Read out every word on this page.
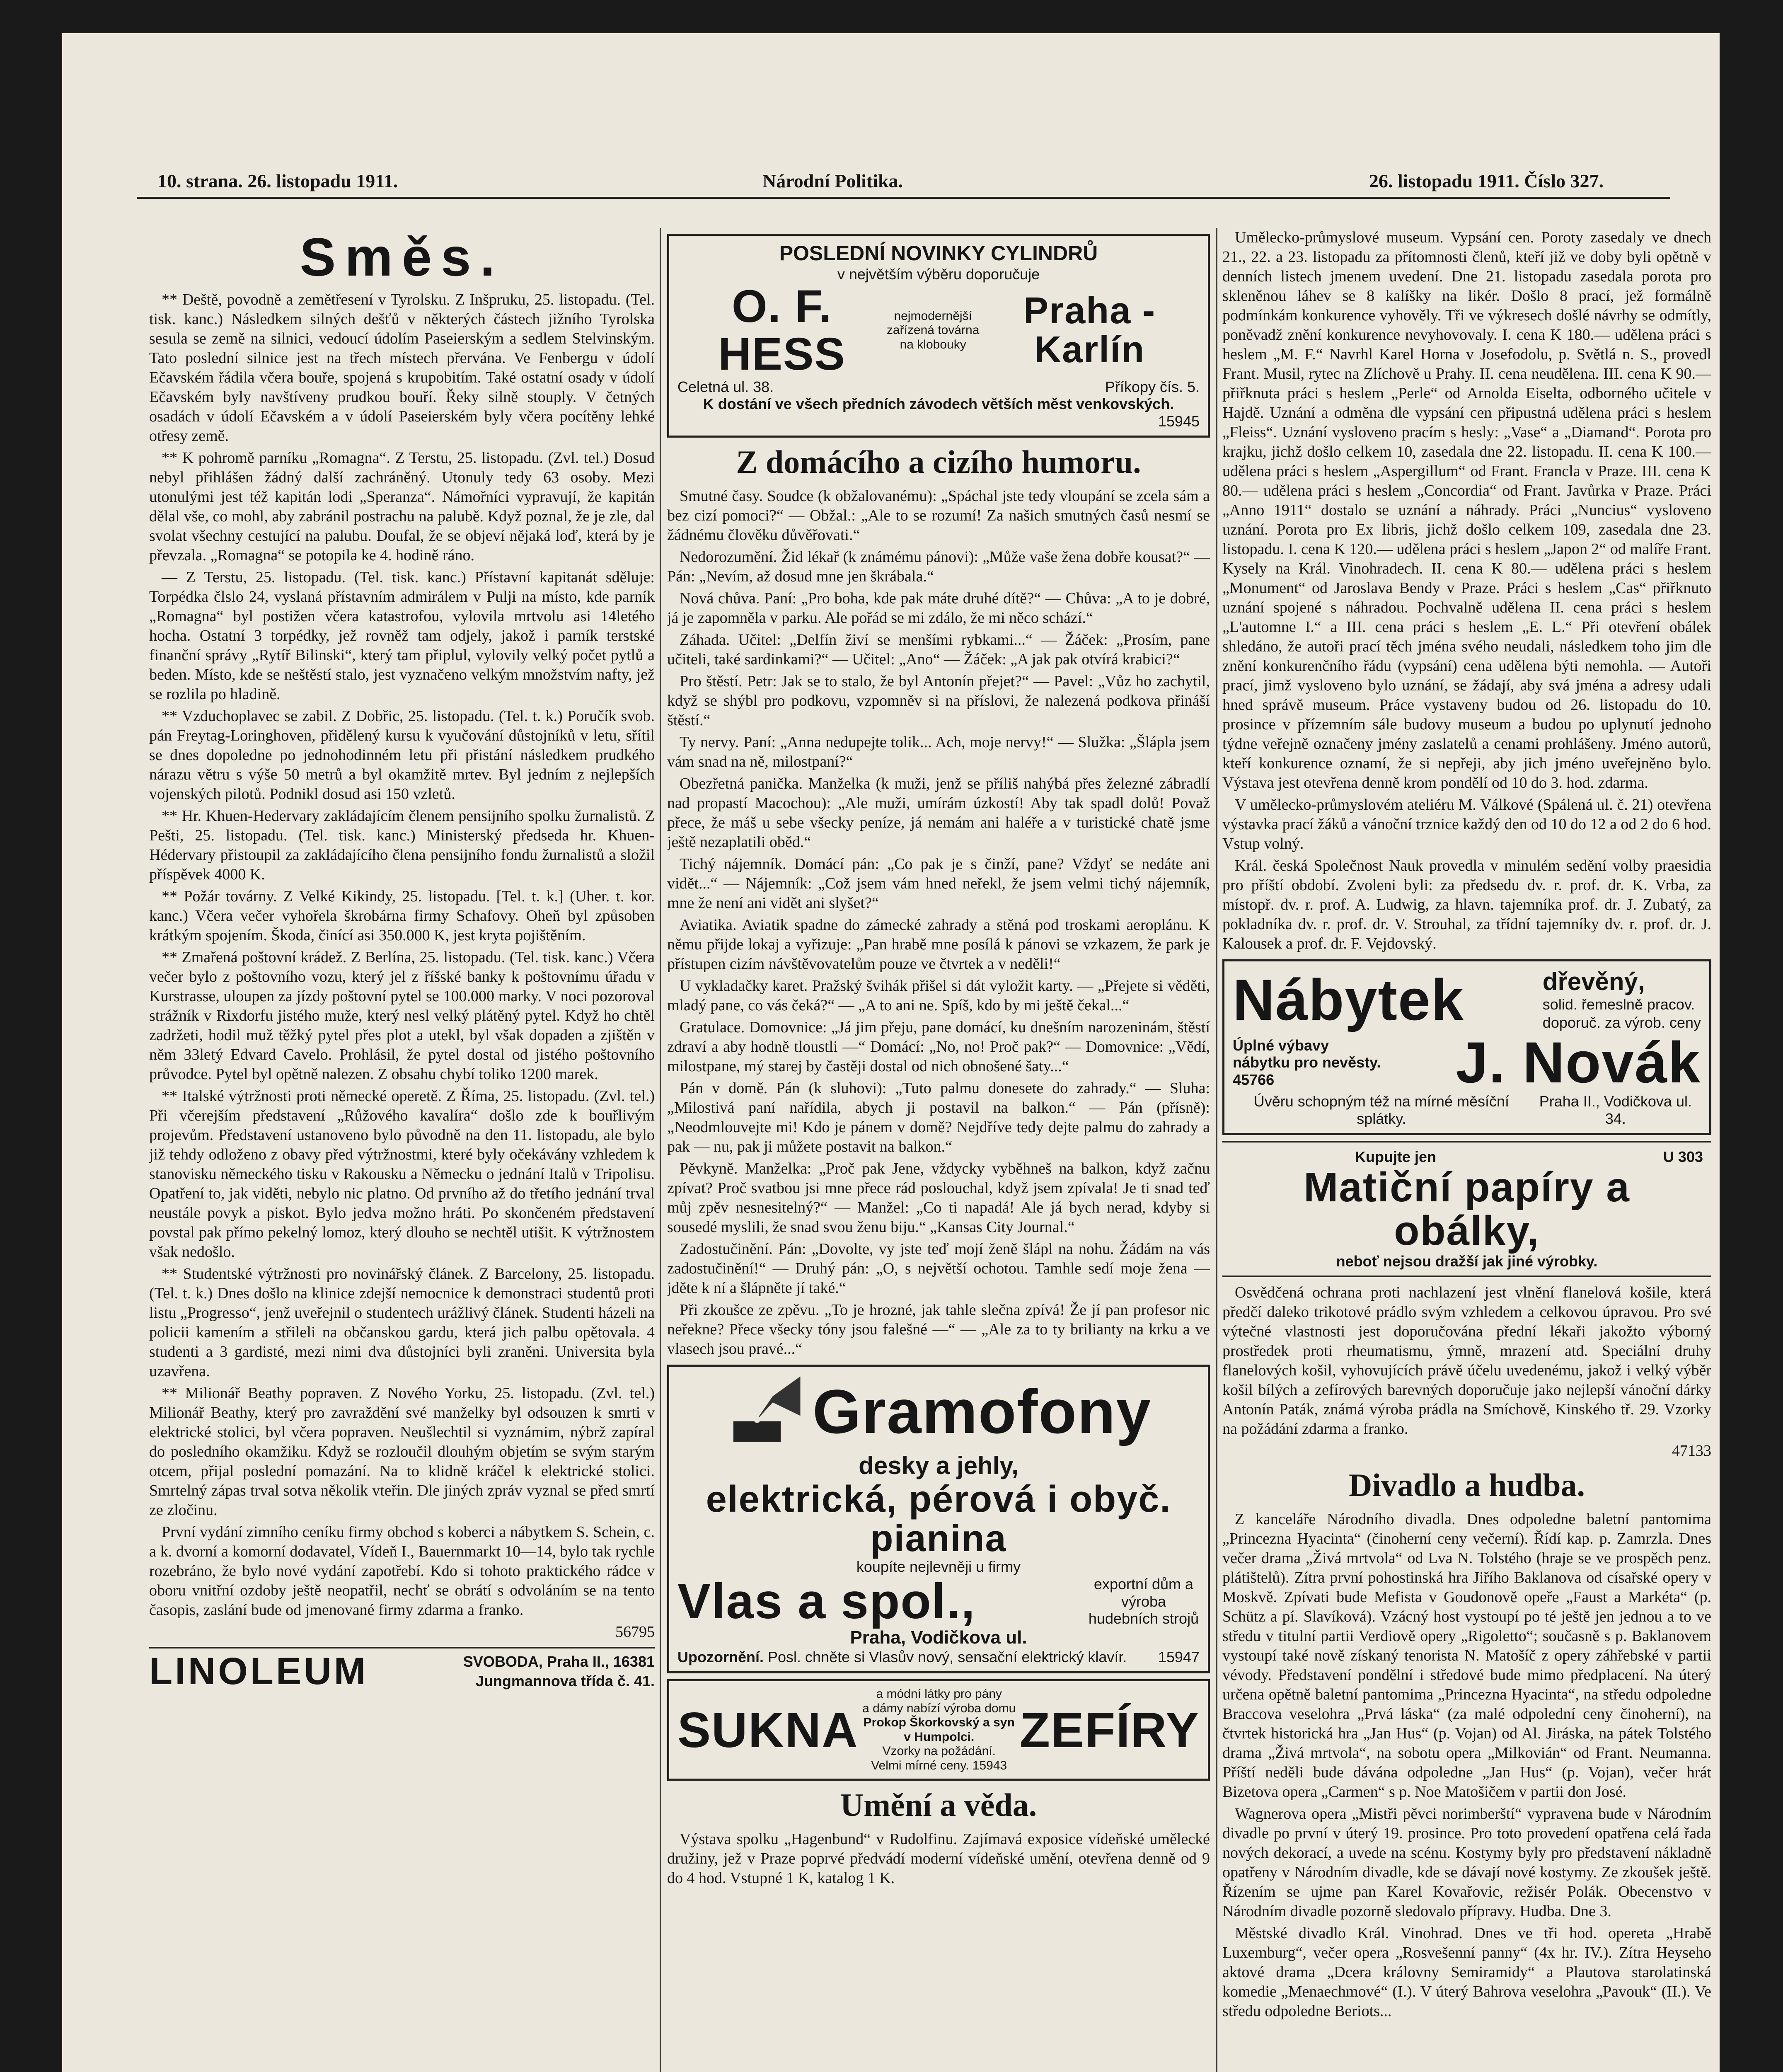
10. strana. 26. listopadu 1911.	Národní Politika.	26. listopadu 1911. Číslo 327.
Směs.

** Deště, povodně a zemětřesení v Tyrolsku. Z Inšpruku, 25. listopadu. (Tel. tisk. kanc.) Následkem silných dešťů v některých částech jižního Tyrolska sesula se země na silnici, vedoucí údolím Paseierským a sedlem Stelvinským. Tato poslední silnice jest na třech místech přervána. Ve Fenbergu v údolí Ečavském řádila včera bouře, spojená s krupobitím. Také ostatní osady v údolí Ečavském byly navštíveny prudkou bouří. Řeky silně stouply. V četných osadách v údolí Ečavském a v údolí Paseierském byly včera pocítěny lehké otřesy země.

** K pohromě parníku „Romagna“. Z Terstu, 25. listopadu. (Zvl. tel.) Dosud nebyl přihlášen žádný další zachráněný. Utonuly tedy 63 osoby. Mezi utonulými jest též kapitán lodi „Speranza“. Námořníci vypravují, že kapitán dělal vše, co mohl, aby zabránil postrachu na palubě. Když poznal, že je zle, dal svolat všechny cestující na palubu. Doufal, že se objeví nějaká loď, která by je převzala. „Romagna“ se potopila ke 4. hodině ráno.

— Z Terstu, 25. listopadu. (Tel. tisk. kanc.) Přístavní kapitanát sděluje: Torpédka člslo 24, vyslaná přístavním admirálem v Pulji na místo, kde parník „Romagna“ byl postižen včera katastrofou, vylovila mrtvolu asi 14letého hocha. Ostatní 3 torpédky, jež rovněž tam odjely, jakož i parník terstské finanční správy „Rytíř Bilinski“, který tam připlul, vylovily velký počet pytlů a beden. Místo, kde se neštěstí stalo, jest vyznačeno velkým množstvím nafty, jež se rozlila po hladině.

** Vzduchoplavec se zabil. Z Dobřic, 25. listopadu. (Tel. t. k.) Poručík svob. pán Freytag-Loringhoven, přidělený kursu k vyučování důstojníků v letu, sřítil se dnes dopoledne po jednohodinném letu při přistání následkem prudkého nárazu větru s výše 50 metrů a byl okamžitě mrtev. Byl jedním z nejlepších vojenských pilotů. Podnikl dosud asi 150 vzletů.

** Hr. Khuen-Hedervary zakládajícím členem pensijního spolku žurnalistů. Z Pešti, 25. listopadu. (Tel. tisk. kanc.) Ministerský předseda hr. Khuen-Hédervary přistoupil za zakládajícího člena pensijního fondu žurnalistů a složil příspěvek 4000 K.

** Požár továrny. Z Velké Kikindy, 25. listopadu. [Tel. t. k.] (Uher. t. kor. kanc.) Včera večer vyhořela škrobárna firmy Schafovy. Oheň byl způsoben krátkým spojením. Škoda, činící asi 350.000 K, jest kryta pojištěním.

** Zmařená poštovní krádež. Z Berlína, 25. listopadu. (Tel. tisk. kanc.) Včera večer bylo z poštovního vozu, který jel z říšské banky k poštovnímu úřadu v Kurstrasse, uloupen za jízdy poštovní pytel se 100.000 marky. V noci pozoroval strážník v Rixdorfu jistého muže, který nesl velký plátěný pytel. Když ho chtěl zadržeti, hodil muž těžký pytel přes plot a utekl, byl však dopaden a zjištěn v něm 33letý Edvard Cavelo. Prohlásil, že pytel dostal od jistého poštovního průvodce. Pytel byl opětně nalezen. Z obsahu chybí toliko 1200 marek.

** Italské výtržnosti proti německé operetě. Z Říma, 25. listopadu. (Zvl. tel.) Při včerejším představení „Růžového kavalíra“ došlo zde k bouřlivým projevům. Představení ustanoveno bylo původně na den 11. listopadu, ale bylo již tehdy odloženo z obavy před výtržnostmi, které byly očekávány vzhledem k stanovisku německého tisku v Rakousku a Německu o jednání Italů v Tripolisu. Opatření to, jak viděti, nebylo nic platno. Od prvního až do třetího jednání trval neustále povyk a piskot. Bylo jedva možno hráti. Po skončeném představení povstal pak přímo pekelný lomoz, který dlouho se nechtěl utišit. K výtržnostem však nedošlo.

** Studentské výtržnosti pro novinářský článek. Z Barcelony, 25. listopadu. (Tel. t. k.) Dnes došlo na klinice zdejší nemocnice k demonstraci studentů proti listu „Progresso“, jenž uveřejnil o studentech urážlivý článek. Studenti házeli na policii kamením a střileli na občanskou gardu, která jich palbu opětovala. 4 studenti a 3 gardisté, mezi nimi dva důstojníci byli zraněni. Universita byla uzavřena.

** Milionář Beathy popraven. Z Nového Yorku, 25. listopadu. (Zvl. tel.) Milionář Beathy, který pro zavraždění své manželky byl odsouzen k smrti v elektrické stolici, byl včera popraven. Neušlechtil si vyznámim, nýbrž zapíral do posledního okamžiku. Když se rozloučil dlouhým objetím se svým starým otcem, přijal poslední pomazání. Na to klidně kráčel k elektrické stolici. Smrtelný zápas trval sotva několik vteřin. Dle jiných zpráv vyznal se před smrtí ze zločinu.

První vydání zimního ceníku firmy obchod s koberci a nábytkem S. Schein, c. a k. dvorní a komorní dodavatel, Vídeň I., Bauernmarkt 10—14, bylo tak rychle rozebráno, že bylo nové vydání zapotřebí. Kdo si tohoto praktického rádce v oboru vnitřní ozdoby ještě neopatřil, nechť se obrátí s odvoláním se na tento časopis, zaslání bude od jmenované firmy zdarma a franko.

56795

LINOLEUM	SVOBODA, Praha II., 16381
Jungmannova třída č. 41.
POSLEDNÍ NOVINKY CYLINDRŮ
v největším výběru doporučuje
O. F. HESS
nejmodernější zařízená továrna na klobouky
Praha - Karlín
Celetná ul. 38.	Příkopy čís. 5.
K dostání ve všech předních závodech větších měst venkovských.
15945
Z domácího a cizího humoru.

Smutné časy. Soudce (k obžalovanému): „Spáchal jste tedy vloupání se zcela sám a bez cizí pomoci?“ — Obžal.: „Ale to se rozumí! Za našich smutných časů nesmí se žádnému člověku důvěřovati.“

Nedorozumění. Žid lékař (k známému pánovi): „Může vaše žena dobře kousat?“ — Pán: „Nevím, až dosud mne jen škrábala.“

Nová chůva. Paní: „Pro boha, kde pak máte druhé dítě?“ — Chůva: „A to je dobré, já je zapomněla v parku. Ale pořád se mi zdálo, že mi něco schází.“

Záhada. Učitel: „Delfín živí se menšími rybkami...“ — Žáček: „Prosím, pane učiteli, také sardinkami?“ — Učitel: „Ano“ — Žáček: „A jak pak otvírá krabici?“

Pro štěstí. Petr: Jak se to stalo, že byl Antonín přejet?“ — Pavel: „Vůz ho zachytil, když se shýbl pro podkovu, vzpomněv si na příslovi, že nalezená podkova přináší štěstí.“

Ty nervy. Paní: „Anna nedupejte tolik... Ach, moje nervy!“ — Služka: „Šlápla jsem vám snad na ně, milostpaní?“

Obezřetná panička. Manželka (k muži, jenž se příliš nahýbá přes železné zábradlí nad propastí Macochou): „Ale muži, umírám úzkostí! Aby tak spadl dolů! Považ přece, že máš u sebe všecky peníze, já nemám ani haléře a v turistické chatě jsme ještě nezaplatili oběd.“

Tichý nájemník. Domácí pán: „Co pak je s činží, pane? Vždyť se nedáte ani vidět...“ — Nájemník: „Což jsem vám hned neřekl, že jsem velmi tichý nájemník, mne že není ani vidět ani slyšet?“

Aviatika. Aviatik spadne do zámecké zahrady a stěná pod troskami aeroplánu. K němu přijde lokaj a vyřizuje: „Pan hrabě mne posílá k pánovi se vzkazem, že park je přístupen cizím návštěvovatelům pouze ve čtvrtek a v neděli!“

U vykladačky karet. Pražský švihák přišel si dát vyložit karty. — „Přejete si věděti, mladý pane, co vás čeká?“ — „A to ani ne. Spíš, kdo by mi ještě čekal...“

Gratulace. Domovnice: „Já jim přeju, pane domácí, ku dnešním narozeninám, štěstí zdraví a aby hodně tloustli —“ Domácí: „No, no! Proč pak?“ — Domovnice: „Vědí, milostpane, mý starej by častěji dostal od nich obnošené šaty...“

Pán v domě. Pán (k sluhovi): „Tuto palmu donesete do zahrady.“ — Sluha: „Milostivá paní nařídila, abych ji postavil na balkon.“ — Pán (přísně): „Neodmlouvejte mi! Kdo je pánem v domě? Nejdříve tedy dejte palmu do zahrady a pak — nu, pak ji můžete postavit na balkon.“

Pěvkyně. Manželka: „Proč pak Jene, vždycky vyběhneš na balkon, když začnu zpívat? Proč svatbou jsi mne přece rád poslouchal, když jsem zpívala! Je ti snad teď můj zpěv nesnesitelný?“ — Manžel: „Co ti napadá! Ale já bych nerad, kdyby si sousedé myslili, že snad svou ženu biju.“ „Kansas City Journal.“

Zadostučinění. Pán: „Dovolte, vy jste teď mojí ženě šlápl na nohu. Žádám na vás zadostučinění!“ — Druhý pán: „O, s největší ochotou. Tamhle sedí moje žena — jděte k ní a šlápněte jí také.“

Při zkoušce ze zpěvu. „To je hrozné, jak tahle slečna zpívá! Že jí pan profesor nic neřekne? Přece všecky tóny jsou falešné —“ — „Ale za to ty brilianty na krku a ve vlasech jsou pravé...“

Gramofony
desky a jehly,
elektrická, pérová i obyč. pianina
koupíte nejlevněji u firmy
Vlas a spol.,	exportní dům a výroba hudebních strojů
Praha, Vodičkova ul.
Upozornění. Posl. chněte si Vlasův nový, sensační elektrický klavír. 15947
SUKNA
a módní látky pro pány
a dámy nabízí výroba domu
Prokop Škorkovský a syn
v Humpolci.
Vzorky na požádání.
Velmi mírné ceny. 15943
ZEFÍRY
Umění a věda.

Výstava spolku „Hagenbund“ v Rudolfinu. Zajímavá exposice vídeňské umělecké družiny, jež v Praze poprvé předvádí moderní vídeňské umění, otevřena denně od 9 do 4 hod. Vstupné 1 K, katalog 1 K.

Umělecko-průmyslové museum. Vypsání cen. Poroty zasedaly ve dnech 21., 22. a 23. listopadu za přítomnosti členů, kteří již ve doby byli opětně v denních listech jmenem uvedení. Dne 21. listopadu zasedala porota pro skleněnou láhev se 8 kalíšky na likér. Došlo 8 prací, jež formálně podmínkám konkurence vyhověly. Tři ve výkresech došlé návrhy se odmítly, poněvadž znění konkurence nevyhovovaly. I. cena K 180.— udělena práci s heslem „M. F.“ Navrhl Karel Horna v Josefodolu, p. Světlá n. S., provedl Frant. Musil, rytec na Zlíchově u Prahy. II. cena neudělena. III. cena K 90.— přiřknuta práci s heslem „Perle“ od Arnolda Eiselta, odborného učitele v Hajdě. Uznání a odměna dle vypsání cen připustná udělena práci s heslem „Fleiss“. Uznání vysloveno pracím s hesly: „Vase“ a „Diamand“. Porota pro krajku, jichž došlo celkem 10, zasedala dne 22. listopadu. II. cena K 100.— udělena práci s heslem „Aspergillum“ od Frant. Francla v Praze. III. cena K 80.— udělena práci s heslem „Concordia“ od Frant. Javůrka v Praze. Práci „Anno 1911“ dostalo se uznání a náhrady. Práci „Nuncius“ vysloveno uznání. Porota pro Ex libris, jichž došlo celkem 109, zasedala dne 23. listopadu. I. cena K 120.— udělena práci s heslem „Japon 2“ od malíře Frant. Kysely na Král. Vinohradech. II. cena K 80.— udělena práci s heslem „Monument“ od Jaroslava Bendy v Praze. Práci s heslem „Cas“ přiřknuto uznání spojené s náhradou. Pochvalně udělena II. cena práci s heslem „L'automne I.“ a III. cena práci s heslem „E. L.“ Při otevření obálek shledáno, že autoři prací těch jména svého neudali, následkem toho jim dle znění konkurenčního řádu (vypsání) cena udělena býti nemohla. — Autoři prací, jimž vysloveno bylo uznání, se žádají, aby svá jména a adresy udali hned správě museum. Práce vystaveny budou od 26. listopadu do 10. prosince v přízemním sále budovy museum a budou po uplynutí jednoho týdne veřejně označeny jmény zaslatelů a cenami prohlášeny. Jméno autorů, kteří konkurence oznamí, že si nepřeji, aby jich jméno uveřejněno bylo. Výstava jest otevřena denně krom pondělí od 10 do 3. hod. zdarma.

V umělecko-průmyslovém ateliéru M. Válkové (Spálená ul. č. 21) otevřena výstavka prací žáků a vánoční trznice každý den od 10 do 12 a od 2 do 6 hod. Vstup volný.

Král. česká Společnost Nauk provedla v minulém sedění volby praesidia pro příští období. Zvoleni byli: za předsedu dv. r. prof. dr. K. Vrba, za místopř. dv. r. prof. A. Ludwig, za hlavn. tajemníka prof. dr. J. Zubatý, za pokladníka dv. r. prof. dr. V. Strouhal, za třídní tajemníky dv. r. prof. dr. J. Kalousek a prof. dr. F. Vejdovský.

Nábytek	dřevěný,
solid. řemeslně pracov.
doporuč. za výrob. ceny
Úplné výbavy nábytku pro nevěsty. 45766	J. Novák
Úvěru schopným též na mírné měsíční splátky.
Praha II., Vodičkova ul. 34.
Kupujte jen	U 303
Matiční papíry a obálky,
neboť nejsou dražší jak jiné výrobky.

Osvědčená ochrana proti nachlazení jest vlnění flanelová košile, která předčí daleko trikotové prádlo svým vzhledem a celkovou úpravou. Pro své výtečné vlastnosti jest doporučována přední lékaři jakožto výborný prostředek proti rheumatismu, ýmně, mrazení atd. Speciální druhy flanelových košil, vyhovujících právě účelu uvedenému, jakož i velký výběr košil bílých a zefírových barevných doporučuje jako nejlepší vánoční dárky Antonín Paták, známá výroba prádla na Smíchově, Kinského tř. 29. Vzorky na požádání zdarma a franko.

47133

Divadlo a hudba.

Z kanceláře Národního divadla. Dnes odpoledne baletní pantomima „Princezna Hyacinta“ (činoherní ceny večerní). Řídí kap. p. Zamrzla. Dnes večer drama „Živá mrtvola“ od Lva N. Tolstého (hraje se ve prospěch penz. plátištelů). Zítra první pohostinská hra Jiřího Baklanova od císařské opery v Moskvě. Zpívati bude Mefista v Goudonově opeře „Faust a Markéta“ (p. Schütz a pí. Slavíková). Vzácný host vystoupí po té ještě jen jednou a to ve středu v titulní partii Verdiově opery „Rigoletto“; současně s p. Baklanovem vystoupí také nově získaný tenorista N. Matošíč z opery záhřebské v partii vévody. Představení pondělní i středové bude mimo předplacení. Na úterý určena opětně baletní pantomima „Princezna Hyacinta“, na středu odpoledne Braccova veselohra „Prvá láska“ (za malé odpolední ceny činoherní), na čtvrtek historická hra „Jan Hus“ (p. Vojan) od Al. Jiráska, na pátek Tolstého drama „Živá mrtvola“, na sobotu opera „Milkovián“ od Frant. Neumanna. Příští neděli bude dávána odpoledne „Jan Hus“ (p. Vojan), večer hrát Bizetova opera „Carmen“ s p. Noe Matošičem v partii don José.

Wagnerova opera „Mistři pěvci norimberští“ vypravena bude v Národním divadle po první v úterý 19. prosince. Pro toto provedení opatřena celá řada nových dekorací, a uvede na scénu. Kostymy byly pro představení nákladně opatřeny v Národním divadle, kde se dávají nové kostymy. Ze zkoušek ještě. Řízením se ujme pan Karel Kovařovic, režisér Polák. Obecenstvo v Národním divadle pozorně sledovalo přípravy. Hudba. Dne 3.

Městské divadlo Král. Vinohrad. Dnes ve tři hod. opereta „Hrabě Luxemburg“, večer opera „Rosvešenní panny“ (4x hr. IV.). Zítra Heyseho aktové drama „Dcera královny Semiramidy“ a Plautova starolatinská komedie „Menaechmové“ (I.). V úterý Bahrova veselohra „Pavouk“ (II.). Ve středu odpoledne Beriots...
